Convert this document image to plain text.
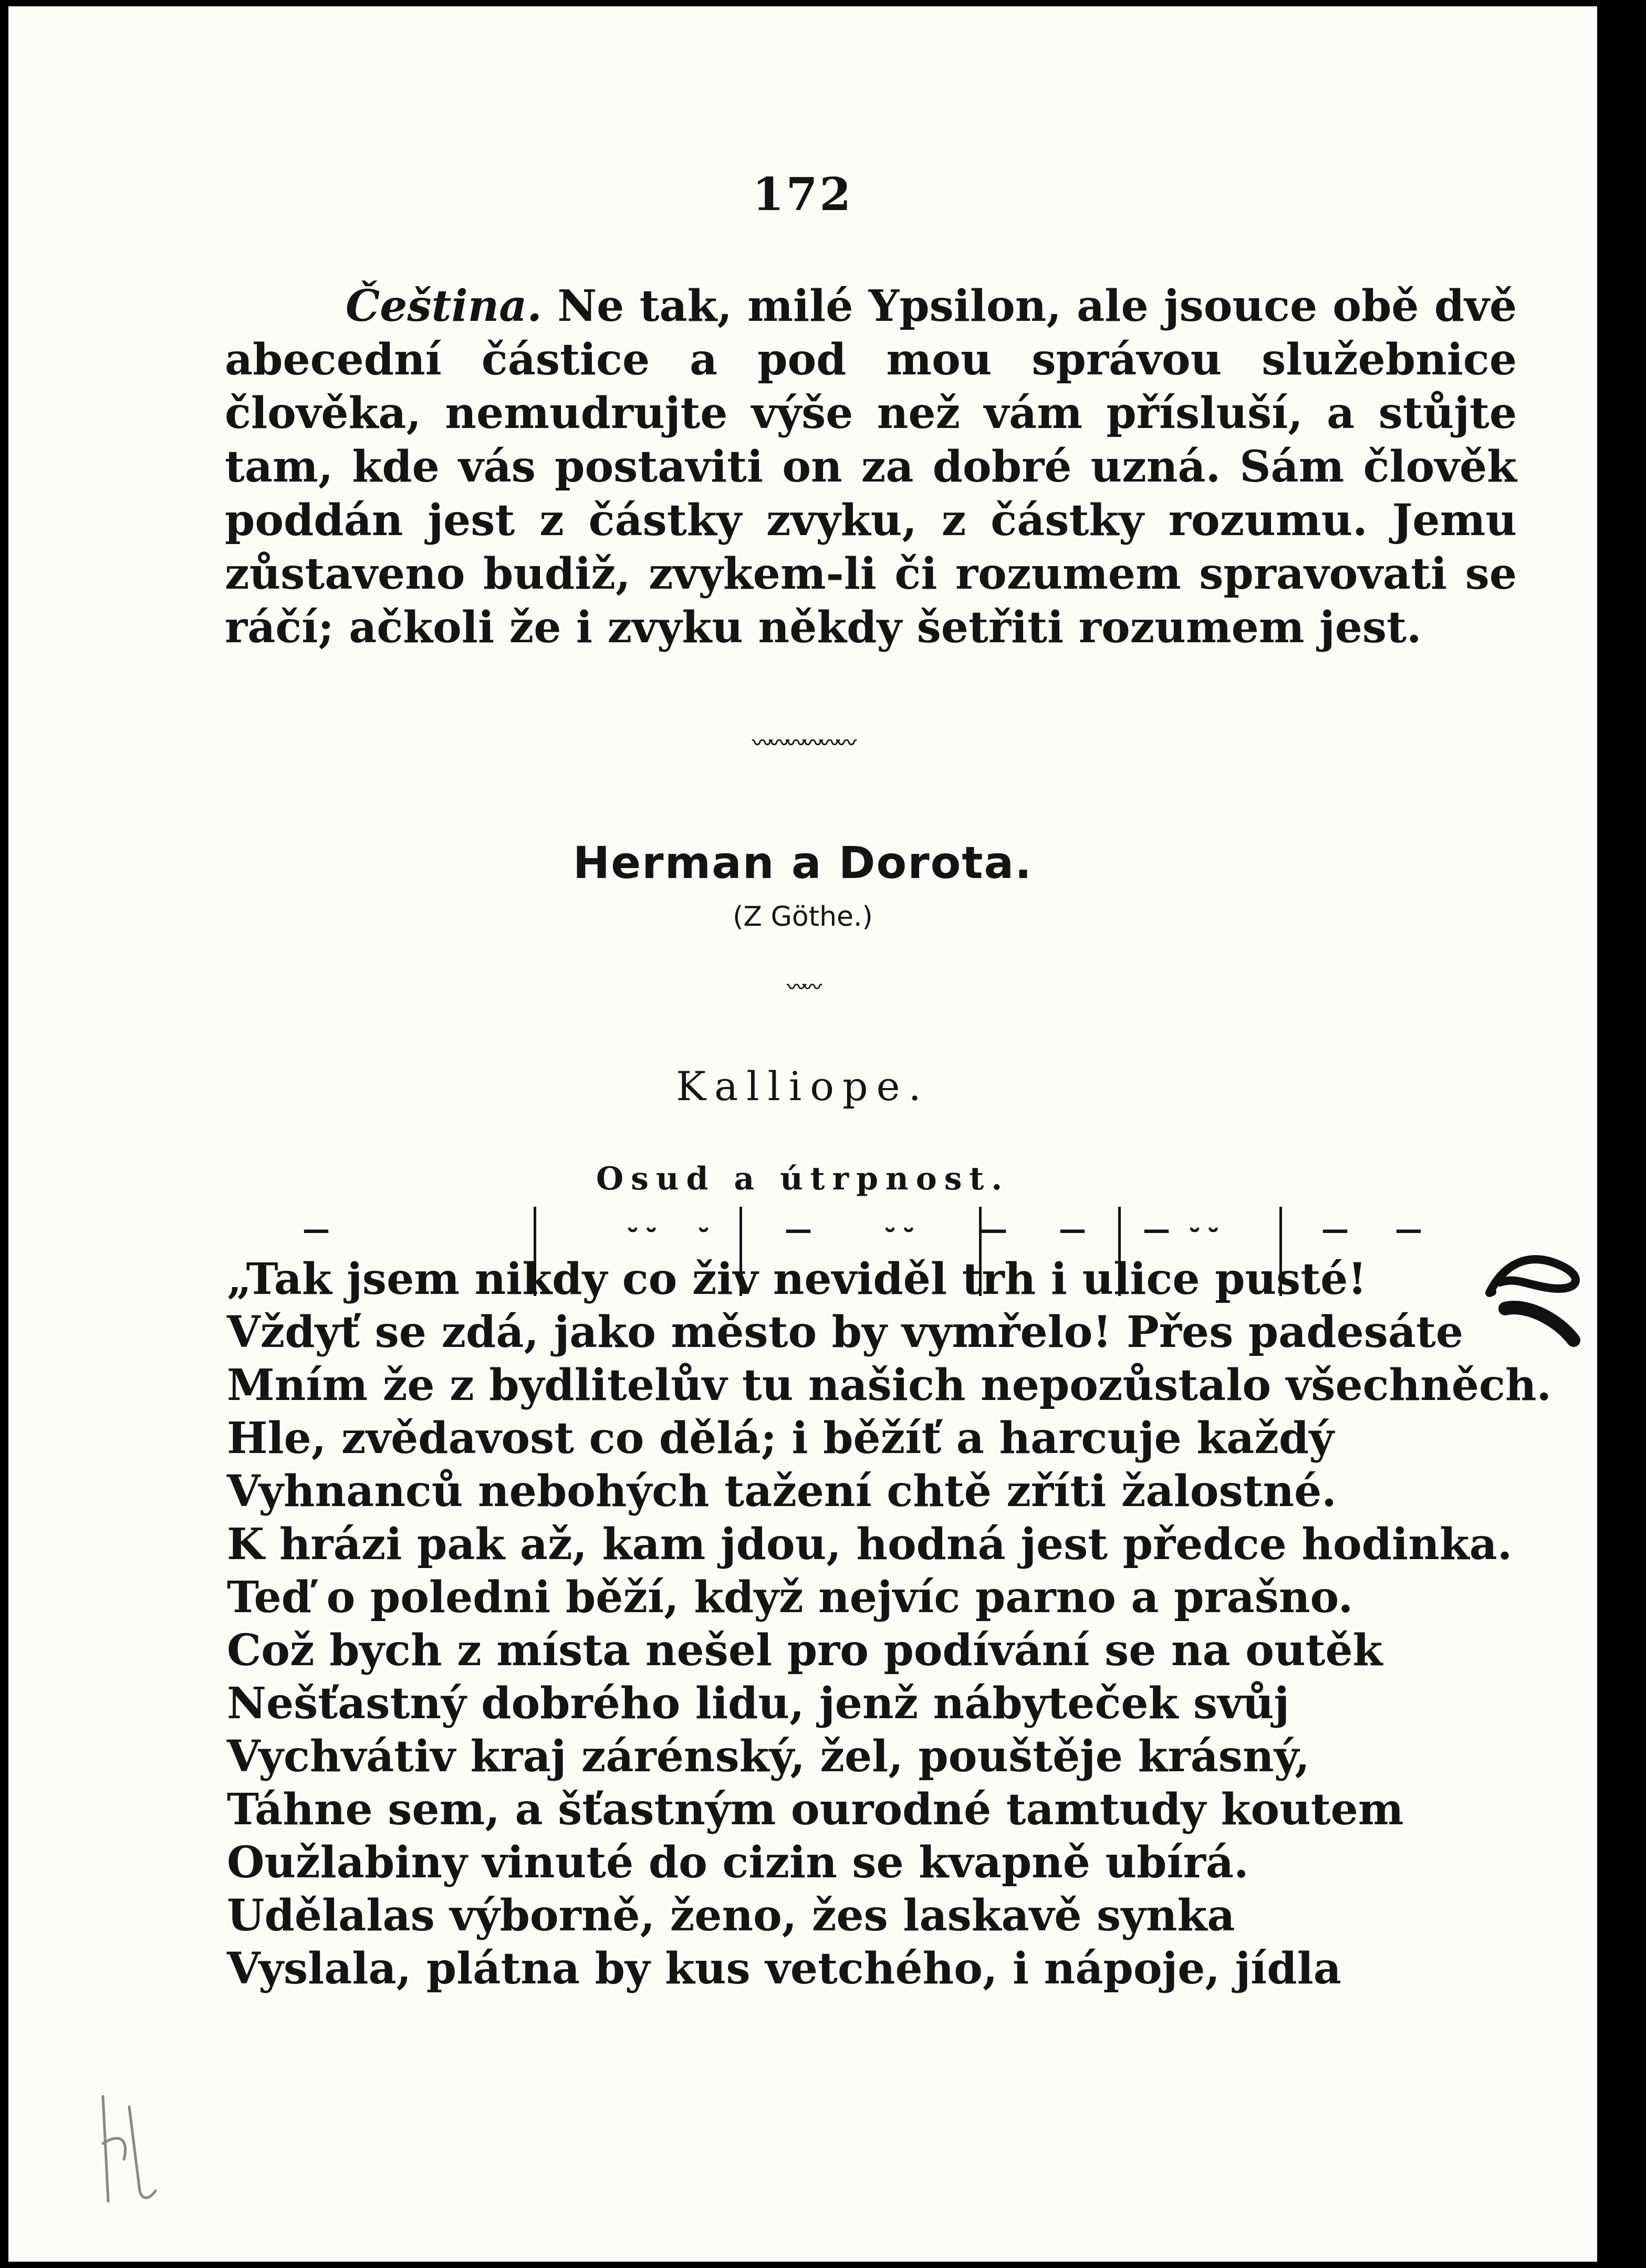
172

Čeština. Ne tak, milé Ypsilon, ale jsouce obě dvě abecední částice a pod mou správou služebnice člověka, nemudrujte výše než vám přísluší, a stůjte tam, kde vás postaviti on za dobré uzná. Sám člověk poddán jest z částky zvyku, z částky rozumu. Jemu zůstaveno budiž, zvykem-li či rozumem spravovati se ráčí; ačkoli že i zvyku někdy šetřiti rozumem jest.

〰〰〰〰〰〰
Herman a Dorota.
(Z Göthe.)
〰〰
Kalliope.
Osud a útrpnost.
—	⏑ ⏑ ⏑	—	⏑ ⏑ — — — ⏑ ⏑	— —
„Tak jsem nikdy co živ neviděl trh i ulice pusté!
Vždyť se zdá, jako město by vymřelo! Přes padesáte
Mním že z bydlitelův tu našich nepozůstalo všechněch.
Hle, zvědavost co dělá; i běžíť a harcuje každý
Vyhnanců nebohých tažení chtě zříti žalostné.
K hrázi pak až, kam jdou, hodná jest předce hodinka.
Teď o poledni běží, když nejvíc parno a prašno.
Což bych z místa nešel pro podívání se na outěk
Nešťastný dobrého lidu, jenž nábyteček svůj
Vychvátiv kraj zárénský, žel, pouštěje krásný,
Táhne sem, a šťastným ourodné tamtudy koutem
Oužlabiny vinuté do cizin se kvapně ubírá.
Udělalas výborně, ženo, žes laskavě synka
Vyslala, plátna by kus vetchého, i nápoje, jídla
